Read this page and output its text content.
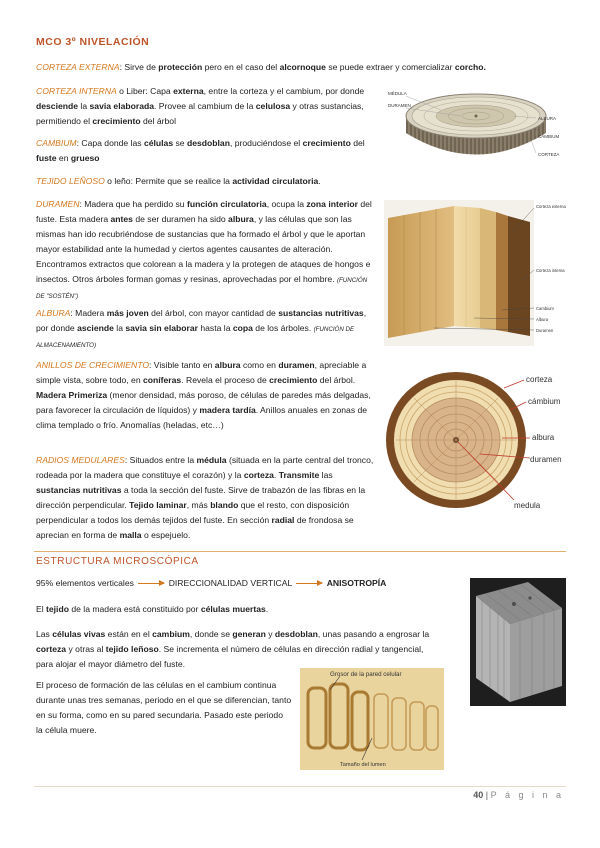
MCO 3º NIVELACIÓN
CORTEZA EXTERNA: Sirve de protección pero en el caso del alcornoque se puede extraer y comercializar corcho.
CORTEZA INTERNA o Liber: Capa externa, entre la corteza y el cambium, por donde desciende la savia elaborada. Provee al cambium de la celulosa y otras sustancias, permitiendo el crecimiento del árbol
CAMBIUM: Capa donde las células se desdoblan, produciéndose el crecimiento del fuste en grueso
TEJIDO LEÑOSO o leño: Permite que se realice la actividad circulatoria.
DURAMEN: Madera que ha perdido su función circulatoria, ocupa la zona interior del fuste. Esta madera antes de ser duramen ha sido albura, y las células que son las mismas han ido recubriéndose de sustancias que ha formado el árbol y que le aportan mayor estabilidad ante la humedad y ciertos agentes causantes de alteración. Encontramos extractos que colorean a la madera y la protegen de ataques de hongos e insectos. Otros árboles forman gomas y resinas, aprovechadas por el hombre. (FUNCIÓN DE "SOSTÉN")
ALBURA: Madera más joven del árbol, con mayor cantidad de sustancias nutritivas, por donde asciende la savia sin elaborar hasta la copa de los árboles. (FUNCIÓN DE ALMACENAMIENTO)
ANILLOS DE CRECIMIENTO: Visible tanto en albura como en duramen, apreciable a simple vista, sobre todo, en coníferas. Revela el proceso de crecimiento del árbol. Madera Primeriza (menor densidad, más poroso, de células de paredes más delgadas, para favorecer la circulación de líquidos) y madera tardía. Anillos anuales en zonas de clima templado o frío. Anomalías (heladas, etc…)
RADIOS MEDULARES: Situados entre la médula (situada en la parte central del tronco, rodeada por la madera que constituye el corazón) y la corteza. Transmite las sustancias nutritivas a toda la sección del fuste. Sirve de trabazón de las fibras en la dirección perpendicular. Tejido laminar, más blando que el resto, con disposición perpendicular a todos los demás tejidos del fuste. En sección radial de frondosa se aprecian en forma de malla o espejuelo.
MÉDULA
DURAMEN
ALBURA
CAMBIUM
CORTEZA
Corteza externa
Corteza interna
Cambium
Albura
Duramen
corteza
cámbium
albura
duramen
medula
ESTRUCTURA MICROSCÓPICA
95% elementos verticales	DIRECCIONALIDAD VERTICAL	ANISOTROPÍA
El tejido de la madera está constituido por células muertas.
Las células vivas están en el cambium, donde se generan y desdoblan, unas pasando a engrosar la corteza y otras al tejido leñoso. Se incrementa el número de células en dirección radial y tangencial, para alojar el mayor diámetro del fuste.
El proceso de formación de las células en el cambium continua durante unas tres semanas, periodo en el que se diferencian, tanto en su forma, como en su pared secundaria. Pasado este periodo la célula muere.
Grosor de la pared celular
Tamaño del lumen
40 | P á g i n a
